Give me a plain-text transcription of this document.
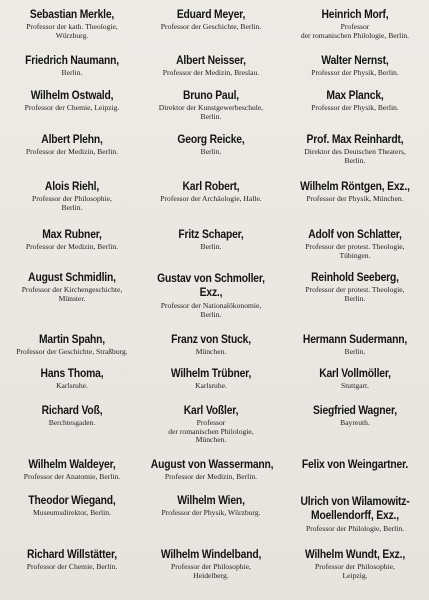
Sebastian Merkle,
Professor der kath. Theologie,
Würzburg.
Eduard Meyer,
Professor der Geschichte, Berlin.
Heinrich Morf,
Professor
der romanischen Philologie, Berlin.
Friedrich Naumann,
Berlin.
Albert Neisser,
Professor der Medizin, Breslau.
Walter Nernst,
Professor der Physik, Berlin.
Wilhelm Ostwald,
Professor der Chemie, Leipzig.
Bruno Paul,
Direktor der Kunstgewerbeschule,
Berlin.
Max Planck,
Professor der Physik, Berlin.
Albert Plehn,
Professor der Medizin, Berlin.
Georg Reicke,
Berlin.
Prof. Max Reinhardt,
Direktor des Deutschen Theaters,
Berlin.
Alois Riehl,
Professor der Philosophie,
Berlin.
Karl Robert,
Professor der Archäologie, Halle.
Wilhelm Röntgen, Exz.,
Professor der Physik, München.
Max Rubner,
Professor der Medizin, Berlin.
Fritz Schaper,
Berlin.
Adolf von Schlatter,
Professor der protest. Theologie,
Tübingen.
August Schmidlin,
Professor der Kirchengeschichte,
Münster.
Gustav von Schmoller,
Exz.,
Professor der Nationalökonomie,
Berlin.
Reinhold Seeberg,
Professor der protest. Theologie,
Berlin.
Martin Spahn,
Professor der Geschichte, Straßburg.
Franz von Stuck,
München.
Hermann Sudermann,
Berlin.
Hans Thoma,
Karlsruhe.
Wilhelm Trübner,
Karlsruhe.
Karl Vollmöller,
Stuttgart.
Richard Voß,
Berchtesgaden.
Karl Voßler,
Professor
der romanischen Philologie,
München.
Siegfried Wagner,
Bayreuth.
Wilhelm Waldeyer,
Professor der Anatomie, Berlin.
August von Wassermann,
Professor der Medizin, Berlin.
Felix von Weingartner.
Theodor Wiegand,
Museumsdirektor, Berlin.
Wilhelm Wien,
Professor der Physik, Würzburg.
Ulrich von Wilamowitz-
Moellendorff, Exz.,
Professor der Philologie, Berlin.
Richard Willstätter,
Professor der Chemie, Berlin.
Wilhelm Windelband,
Professor der Philosophie,
Heidelberg.
Wilhelm Wundt, Exz.,
Professor der Philosophie,
Leipzig.
